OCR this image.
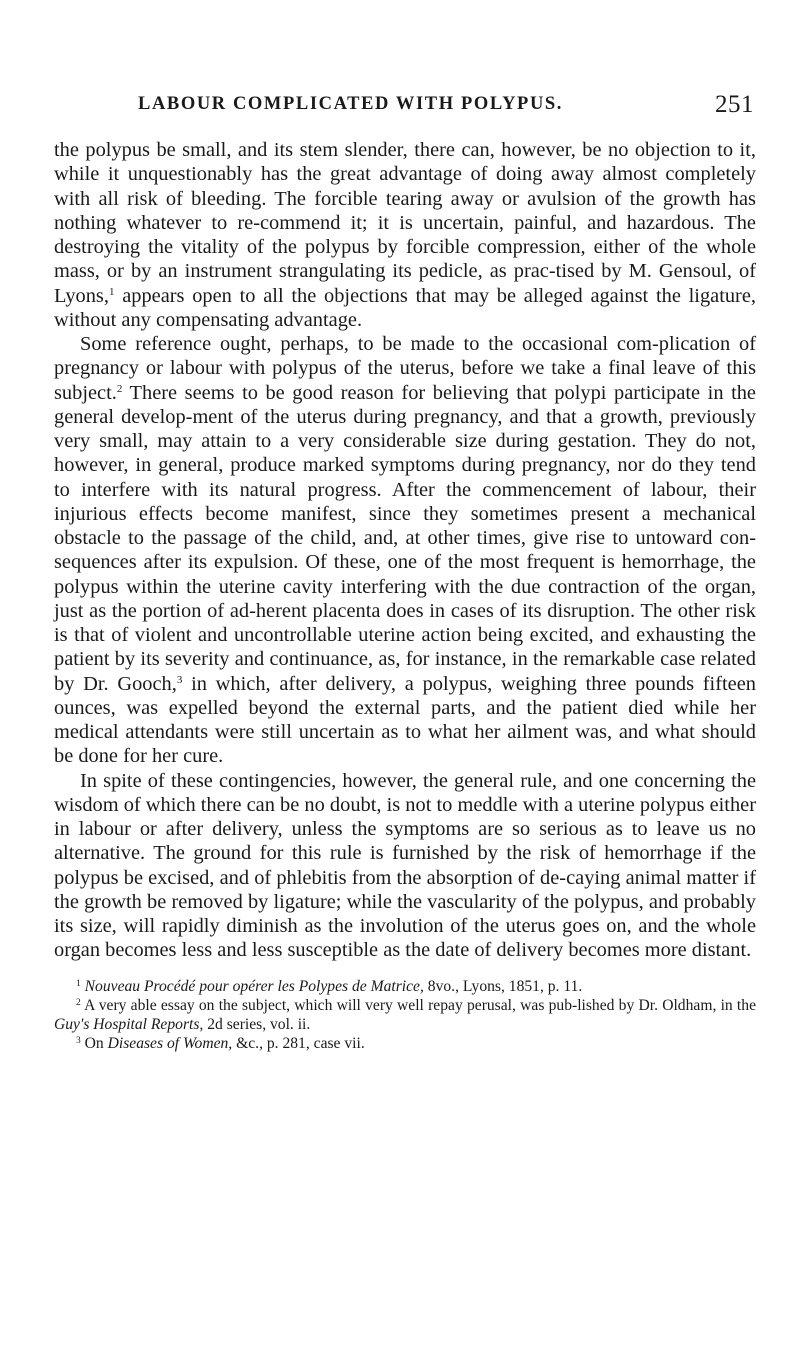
LABOUR COMPLICATED WITH POLYPUS.	251

the polypus be small, and its stem slender, there can, however, be no objection to it, while it unquestionably has the great advantage of doing away almost completely with all risk of bleeding. The forcible tearing away or avulsion of the growth has nothing whatever to re-commend it; it is uncertain, painful, and hazardous. The destroying the vitality of the polypus by forcible compression, either of the whole mass, or by an instrument strangulating its pedicle, as prac-tised by M. Gensoul, of Lyons,$^1$ appears open to all the objections that may be alleged against the ligature, without any compensating advantage.

Some reference ought, perhaps, to be made to the occasional com-plication of pregnancy or labour with polypus of the uterus, before we take a final leave of this subject.$^2$ There seems to be good reason for believing that polypi participate in the general develop-ment of the uterus during pregnancy, and that a growth, previously very small, may attain to a very considerable size during gestation. They do not, however, in general, produce marked symptoms during pregnancy, nor do they tend to interfere with its natural progress. After the commencement of labour, their injurious effects become manifest, since they sometimes present a mechanical obstacle to the passage of the child, and, at other times, give rise to untoward con-sequences after its expulsion. Of these, one of the most frequent is hemorrhage, the polypus within the uterine cavity interfering with the due contraction of the organ, just as the portion of ad-herent placenta does in cases of its disruption. The other risk is that of violent and uncontrollable uterine action being excited, and exhausting the patient by its severity and continuance, as, for instance, in the remarkable case related by Dr. Gooch,$^3$ in which, after delivery, a polypus, weighing three pounds fifteen ounces, was expelled beyond the external parts, and the patient died while her medical attendants were still uncertain as to what her ailment was, and what should be done for her cure.

In spite of these contingencies, however, the general rule, and one concerning the wisdom of which there can be no doubt, is not to meddle with a uterine polypus either in labour or after delivery, unless the symptoms are so serious as to leave us no alternative. The ground for this rule is furnished by the risk of hemorrhage if the polypus be excised, and of phlebitis from the absorption of de-caying animal matter if the growth be removed by ligature; while the vascularity of the polypus, and probably its size, will rapidly diminish as the involution of the uterus goes on, and the whole organ becomes less and less susceptible as the date of delivery becomes more distant.

$^1$ Nouveau Procédé pour opérer les Polypes de Matrice, 8vo., Lyons, 1851, p. 11.

$^2$ A very able essay on the subject, which will very well repay perusal, was pub-lished by Dr. Oldham, in the Guy's Hospital Reports, 2d series, vol. ii.

$^3$ On Diseases of Women, &c., p. 281, case vii.
